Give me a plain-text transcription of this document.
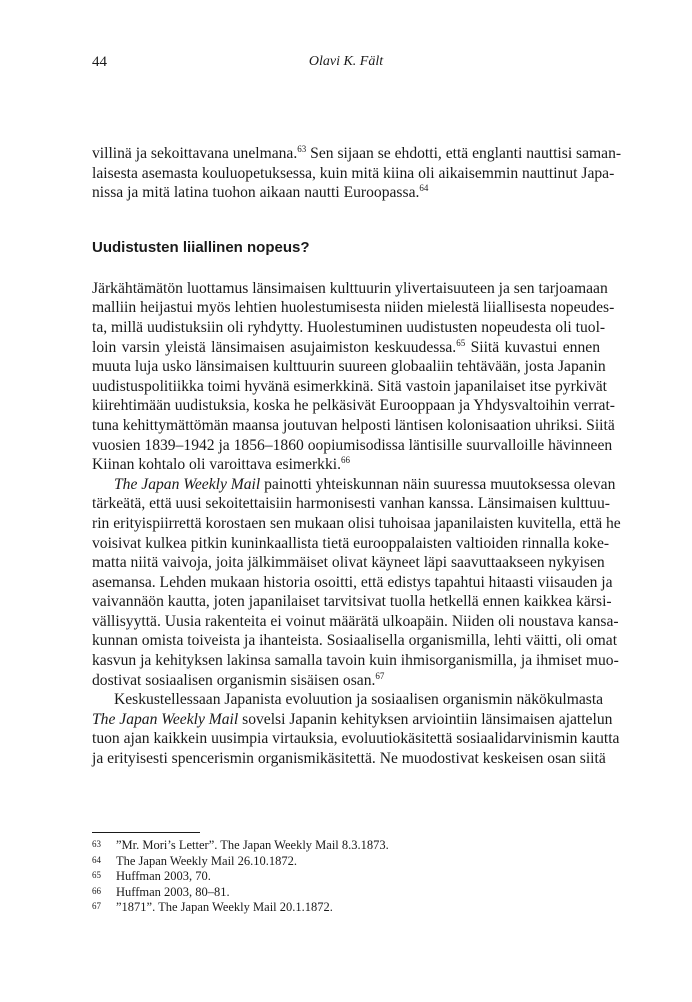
44	Olavi K. Fält
villinä ja sekoittavana unelmana.$^{63}$ Sen sijaan se ehdotti, että englanti nauttisi saman-
laisesta asemasta kouluopetuksessa, kuin mitä kiina oli aikaisemmin nauttinut Japa-
nissa ja mitä latina tuohon aikaan nautti Euroopassa.$^{64}$
Uudistusten liiallinen nopeus?
Järkähtämätön luottamus länsimaisen kulttuurin ylivertaisuuteen ja sen tarjoamaan
malliin heijastui myös lehtien huolestumisesta niiden mielestä liiallisesta nopeudes-
ta, millä uudistuksiin oli ryhdytty. Huolestuminen uudistusten nopeudesta oli tuol-
loin varsin yleistä länsimaisen asujaimiston keskuudessa.$^{65}$ Siitä kuvastui ennen
muuta luja usko länsimaisen kulttuurin suureen globaaliin tehtävään, josta Japanin
uudistuspolitiikka toimi hyvänä esimerkkinä. Sitä vastoin japanilaiset itse pyrkivät
kiirehtimään uudistuksia, koska he pelkäsivät Eurooppaan ja Yhdysvaltoihin verrat-
tuna kehittymättömän maansa joutuvan helposti läntisen kolonisaation uhriksi. Siitä
vuosien 1839–1942 ja 1856–1860 oopiumisodissa läntisille suurvalloille hävinneen
Kiinan kohtalo oli varoittava esimerkki.$^{66}$
The Japan Weekly Mail painotti yhteiskunnan näin suuressa muutoksessa olevan
tärkeätä, että uusi sekoitettaisiin harmonisesti vanhan kanssa. Länsimaisen kulttuu-
rin erityispiirrettä korostaen sen mukaan olisi tuhoisaa japanilaisten kuvitella, että he
voisivat kulkea pitkin kuninkaallista tietä eurooppalaisten valtioiden rinnalla koke-
matta niitä vaivoja, joita jälkimmäiset olivat käyneet läpi saavuttaakseen nykyisen
asemansa. Lehden mukaan historia osoitti, että edistys tapahtui hitaasti viisauden ja
vaivannäön kautta, joten japanilaiset tarvitsivat tuolla hetkellä ennen kaikkea kärsi-
vällisyyttä. Uusia rakenteita ei voinut määrätä ulkoapäin. Niiden oli noustava kansa-
kunnan omista toiveista ja ihanteista. Sosiaalisella organismilla, lehti väitti, oli omat
kasvun ja kehityksen lakinsa samalla tavoin kuin ihmisorganismilla, ja ihmiset muo-
dostivat sosiaalisen organismin sisäisen osan.$^{67}$
Keskustellessaan Japanista evoluution ja sosiaalisen organismin näkökulmasta
The Japan Weekly Mail sovelsi Japanin kehityksen arviointiin länsimaisen ajattelun
tuon ajan kaikkein uusimpia virtauksia, evoluutiokäsitettä sosiaalidarvinismin kautta
ja erityisesti spencerismin organismikäsitettä. Ne muodostivat keskeisen osan siitä
63 ”Mr. Mori’s Letter”. The Japan Weekly Mail 8.3.1873.
64 The Japan Weekly Mail 26.10.1872.
65 Huffman 2003, 70.
66 Huffman 2003, 80–81.
67 ”1871”. The Japan Weekly Mail 20.1.1872.
